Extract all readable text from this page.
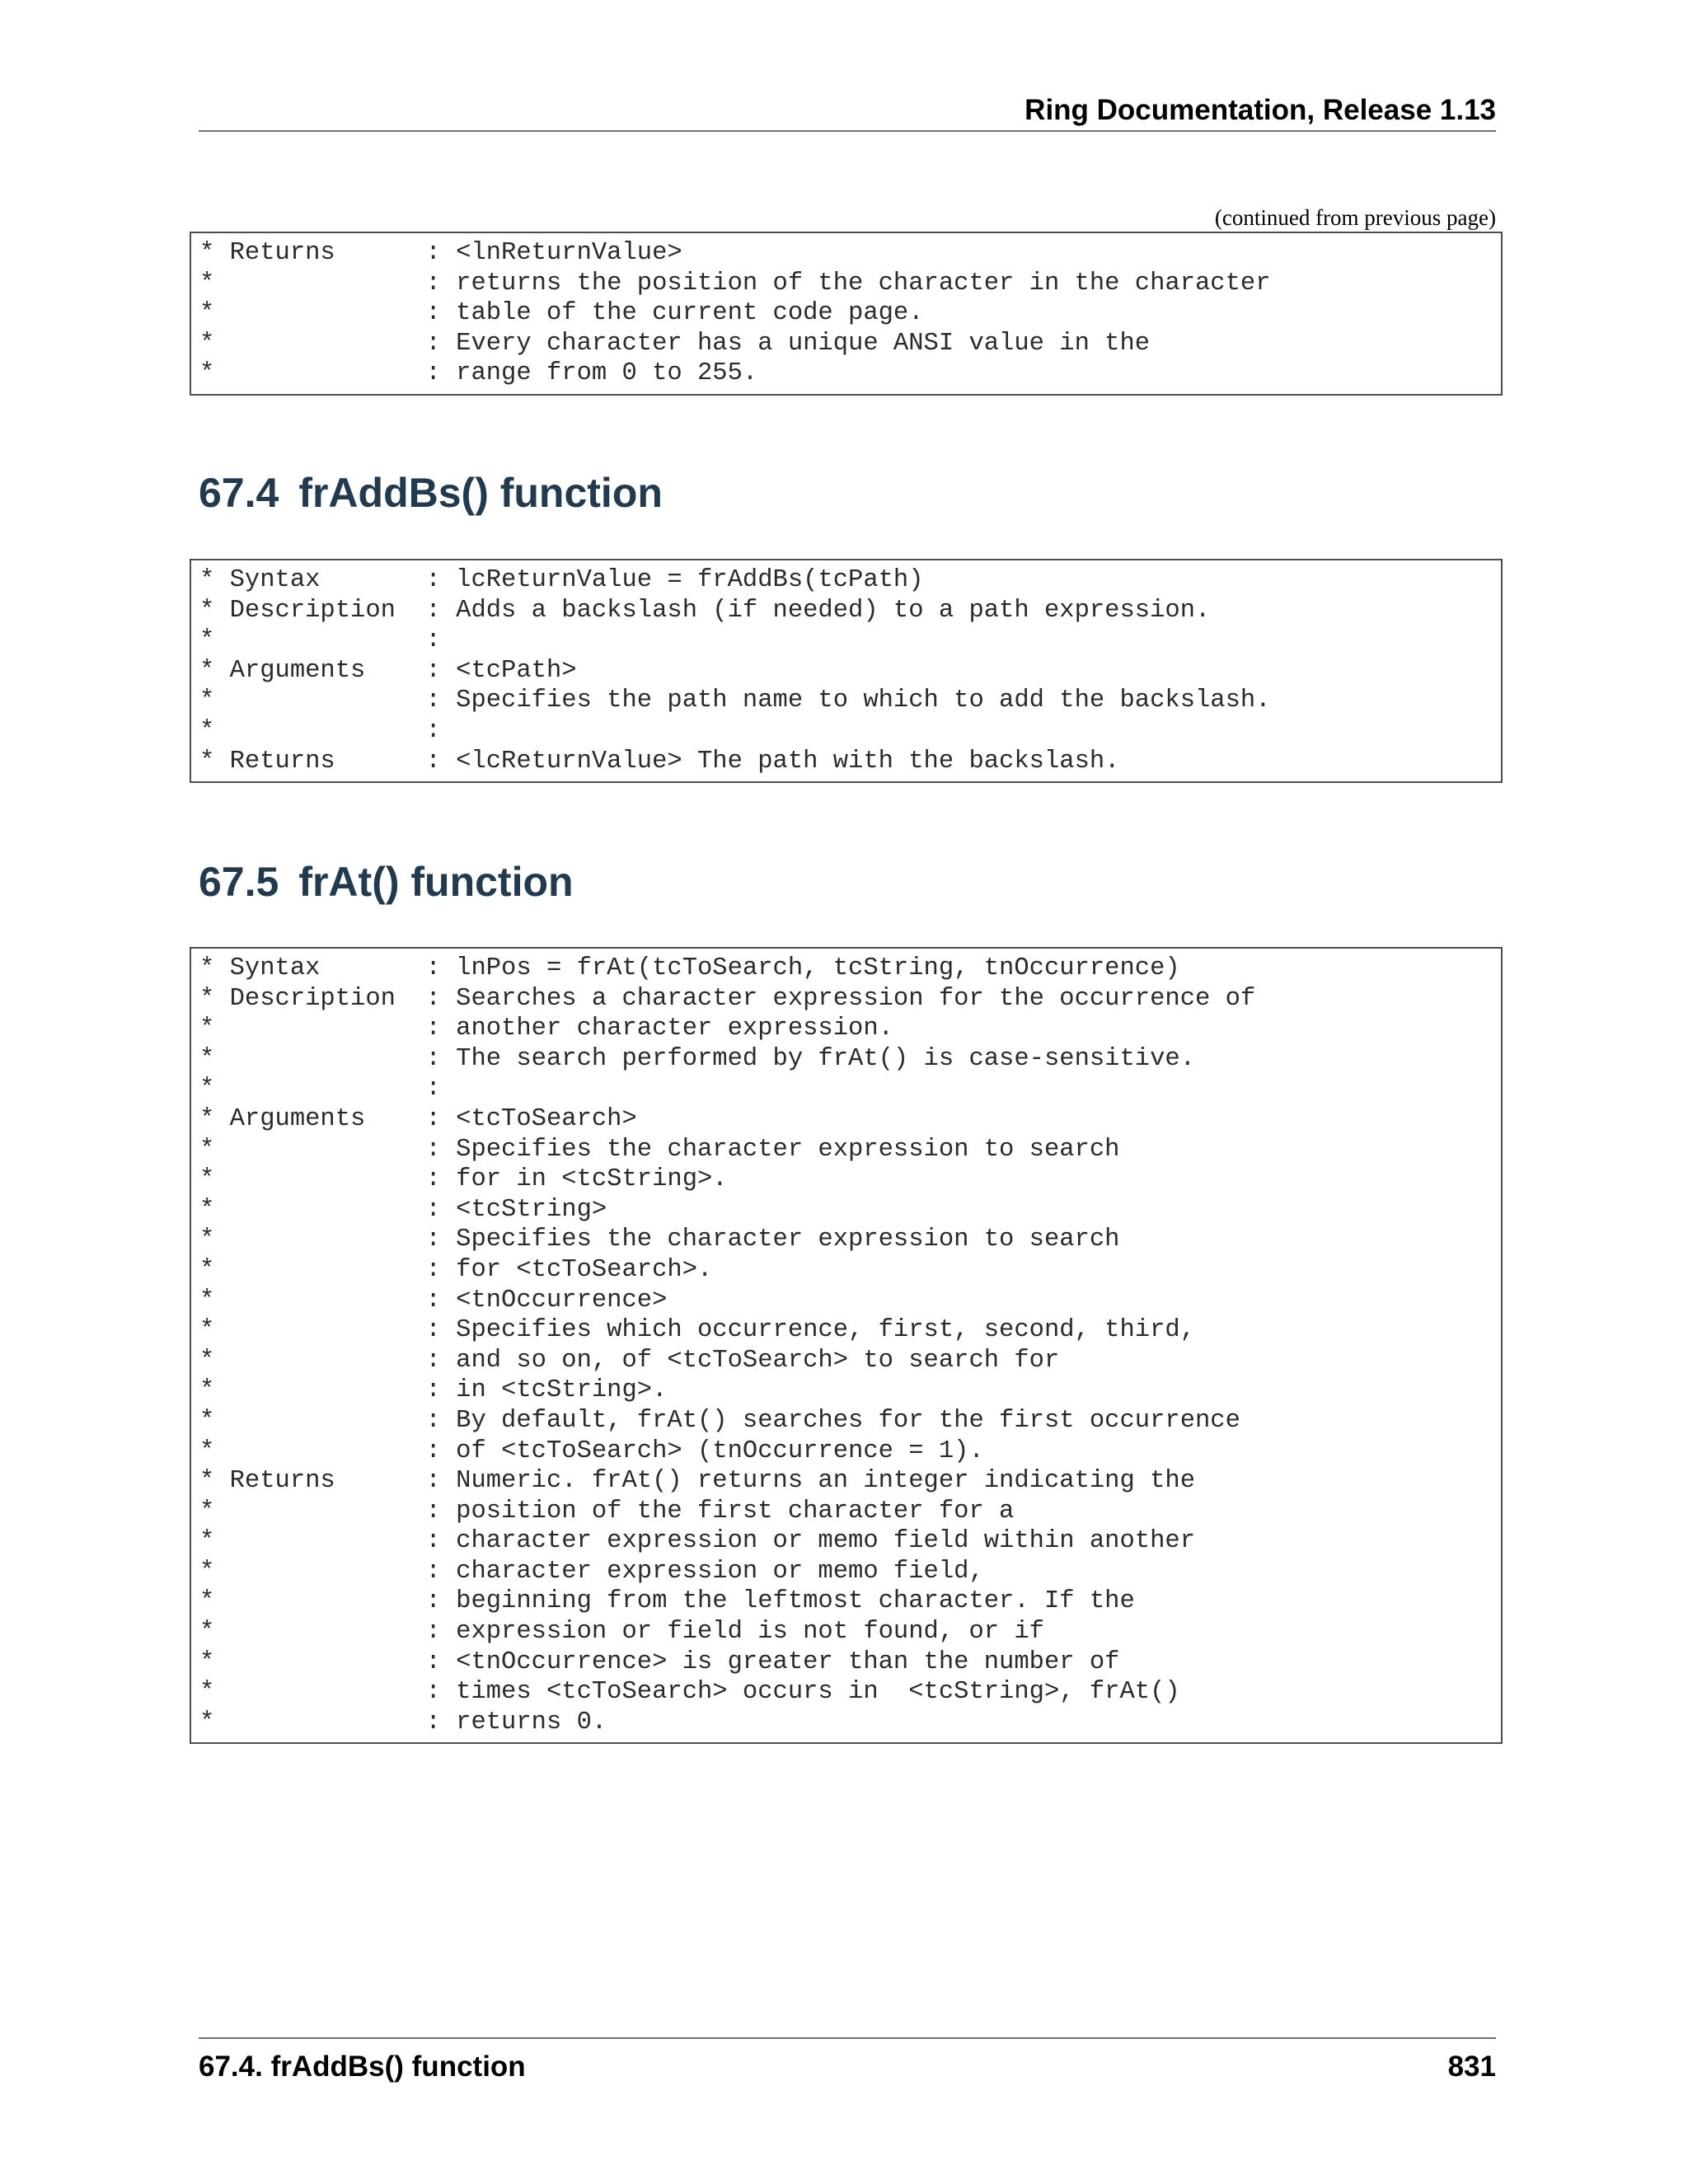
Ring Documentation, Release 1.13
(continued from previous page)
* Returns      : <lnReturnValue>
*              : returns the position of the character in the character
*              : table of the current code page.
*              : Every character has a unique ANSI value in the
*              : range from 0 to 255.
67.4 frAddBs() function
* Syntax       : lcReturnValue = frAddBs(tcPath)
* Description  : Adds a backslash (if needed) to a path expression.
*              :
* Arguments    : <tcPath>
*              : Specifies the path name to which to add the backslash.
*              :
* Returns      : <lcReturnValue> The path with the backslash.
67.5 frAt() function
* Syntax       : lnPos = frAt(tcToSearch, tcString, tnOccurrence)
* Description  : Searches a character expression for the occurrence of
*              : another character expression.
*              : The search performed by frAt() is case-sensitive.
*              :
* Arguments    : <tcToSearch>
*              : Specifies the character expression to search
*              : for in <tcString>.
*              : <tcString>
*              : Specifies the character expression to search
*              : for <tcToSearch>.
*              : <tnOccurrence>
*              : Specifies which occurrence, first, second, third,
*              : and so on, of <tcToSearch> to search for
*              : in <tcString>.
*              : By default, frAt() searches for the first occurrence
*              : of <tcToSearch> (tnOccurrence = 1).
* Returns      : Numeric. frAt() returns an integer indicating the
*              : position of the first character for a
*              : character expression or memo field within another
*              : character expression or memo field,
*              : beginning from the leftmost character. If the
*              : expression or field is not found, or if
*              : <tnOccurrence> is greater than the number of
*              : times <tcToSearch> occurs in  <tcString>, frAt()
*              : returns 0.
67.4. frAddBs() function	831
